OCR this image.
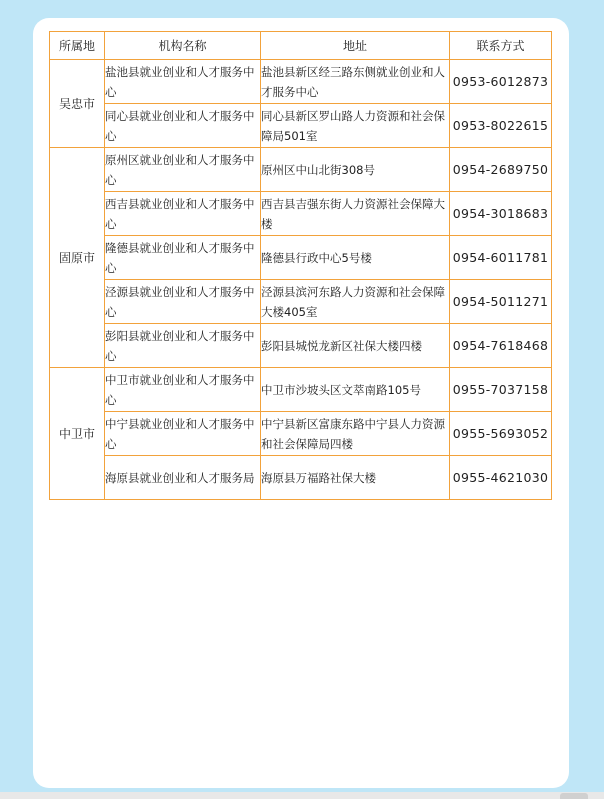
所属地	机构名称	地址	联系方式
吴忠市	盐池县就业创业和人才服务中心	盐池县新区经三路东侧就业创业和人才服务中心	0953-6012873
	同心县就业创业和人才服务中心	同心县新区罗山路人力资源和社会保障局501室	0953-8022615
固原市	原州区就业创业和人才服务中心	原州区中山北街308号	0954-2689750
	西吉县就业创业和人才服务中心	西吉县吉强东街人力资源社会保障大楼	0954-3018683
	隆德县就业创业和人才服务中心	隆德县行政中心5号楼	0954-6011781
	泾源县就业创业和人才服务中心	泾源县滨河东路人力资源和社会保障大楼405室	0954-5011271
	彭阳县就业创业和人才服务中心	彭阳县城悦龙新区社保大楼四楼	0954-7618468
中卫市	中卫市就业创业和人才服务中心	中卫市沙坡头区文萃南路105号	0955-7037158
	中宁县就业创业和人才服务中心	中宁县新区富康东路中宁县人力资源和社会保障局四楼	0955-5693052
	海原县就业创业和人才服务局	海原县万福路社保大楼	0955-4621030
